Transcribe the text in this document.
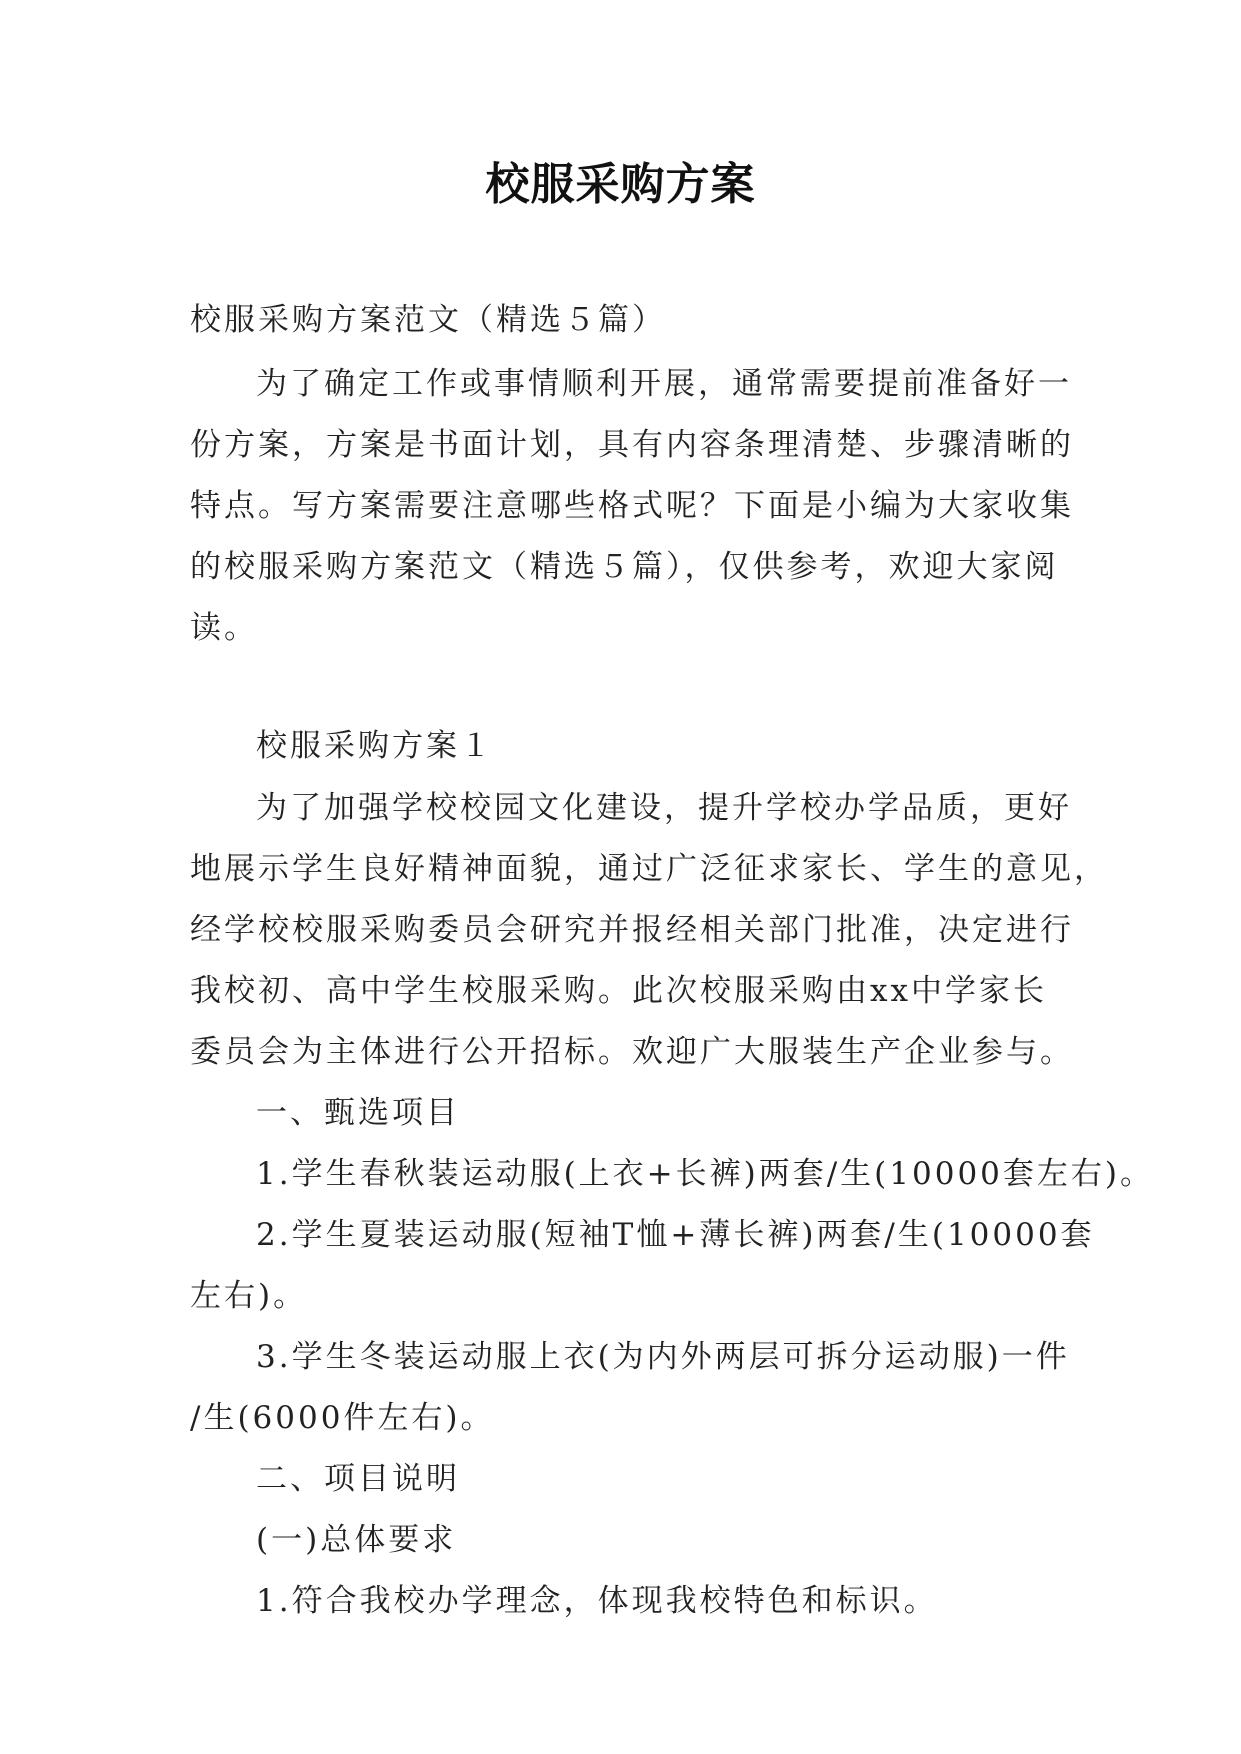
校服采购方案
校服采购方案范文（精选５篇）
为了确定工作或事情顺利开展，通常需要提前准备好一
份方案，方案是书面计划，具有内容条理清楚、步骤清晰的
特点。写方案需要注意哪些格式呢？下面是小编为大家收集
的校服采购方案范文（精选５篇），仅供参考，欢迎大家阅
读。
校服采购方案１
为了加强学校校园文化建设，提升学校办学品质，更好
地展示学生良好精神面貌，通过广泛征求家长、学生的意见，
经学校校服采购委员会研究并报经相关部门批准，决定进行
我校初、高中学生校服采购。此次校服采购由xx中学家长
委员会为主体进行公开招标。欢迎广大服装生产企业参与。
一、甄选项目
1.学生春秋装运动服(上衣+长裤)两套/生(10000套左右)。
2.学生夏装运动服(短袖T恤+薄长裤)两套/生(10000套
左右)。
3.学生冬装运动服上衣(为内外两层可拆分运动服)一件
/生(6000件左右)。
二、项目说明
(一)总体要求
1.符合我校办学理念，体现我校特色和标识。
